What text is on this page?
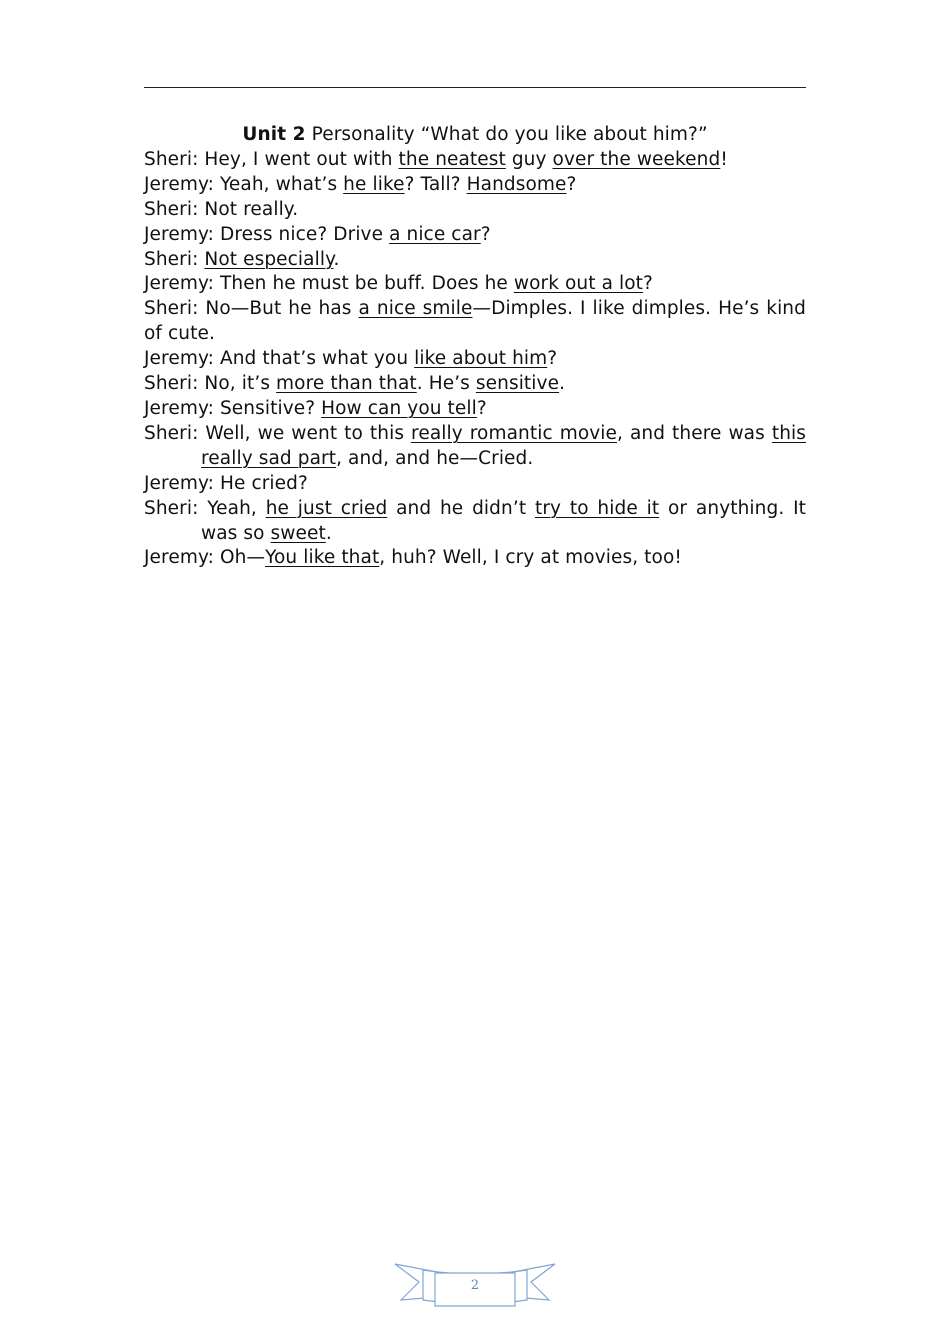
Unit 2 Personality “What do you like about him?”

Sheri: Hey, I went out with the neatest guy over the weekend!

Jeremy: Yeah, what’s he like? Tall? Handsome?

Sheri: Not really.

Jeremy: Dress nice? Drive a nice car?

Sheri: Not especially.

Jeremy: Then he must be buff. Does he work out a lot?

Sheri: No—But he has a nice smile—Dimples. I like dimples. He’s kind of cute.

Jeremy: And that’s what you like about him?

Sheri: No, it’s more than that. He’s sensitive.

Jeremy: Sensitive? How can you tell?

Sheri: Well, we went to this really romantic movie, and there was this really sad part, and, and he—Cried.

Jeremy: He cried?

Sheri: Yeah, he just cried and he didn’t try to hide it or anything. It was so sweet.

Jeremy: Oh—You like that, huh? Well, I cry at movies, too!

2
